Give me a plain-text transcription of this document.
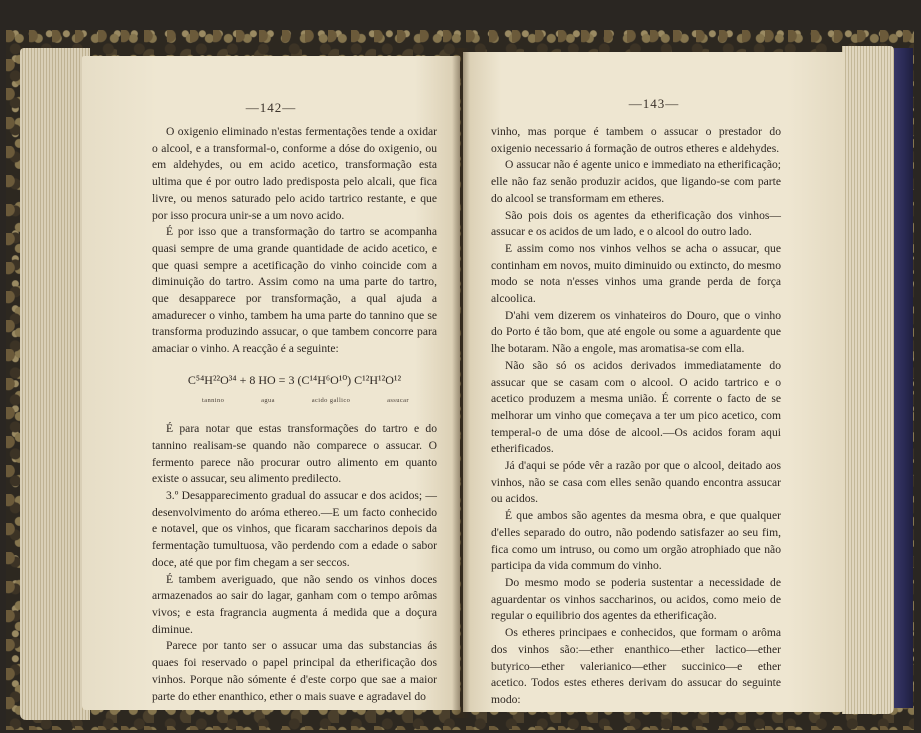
—142—

O oxigenio eliminado n'estas fermentações tende a oxidar o alcool, e a transformal-o, conforme a dóse do oxigenio, ou em aldehydes, ou em acido acetico, transformação esta ultima que é por outro lado predisposta pelo alcali, que fica livre, ou menos saturado pelo acido tartrico restante, e que por isso procura unir-se a um novo acido.

É por isso que a transformação do tartro se acompanha quasi sempre de uma grande quantidade de acido acetico, e que quasi sempre a acetificação do vinho coincide com a diminuição do tartro. Assim como na uma parte do tartro, que desapparece por transformação, a qual ajuda a amadurecer o vinho, tambem ha uma parte do tannino que se transforma produzindo assucar, o que tambem concorre para amaciar o vinho. A reacção é a seguinte:

C⁵⁴H²²O³⁴ + 8 HO = 3 (C¹⁴H⁶O¹⁰) C¹²H¹²O¹²
tannino	agua	acido gallico	assucar

É para notar que estas transformações do tartro e do tannino realisam-se quando não comparece o assucar. O fermento parece não procurar outro alimento em quanto existe o assucar, seu alimento predilecto.

3.º Desapparecimento gradual do assucar e dos acidos; —desenvolvimento do aróma ethereo.—E um facto conhecido e notavel, que os vinhos, que ficaram saccharinos depois da fermentação tumultuosa, vão perdendo com a edade o sabor doce, até que por fim chegam a ser seccos.

É tambem averiguado, que não sendo os vinhos doces armazenados ao sair do lagar, ganham com o tempo arômas vivos; e esta fragrancia augmenta á medida que a doçura diminue.

Parece por tanto ser o assucar uma das substancias ás quaes foi reservado o papel principal da etherificação dos vinhos. Porque não sómente é d'este corpo que sae a maior parte do ether enanthico, ether o mais suave e agradavel do

—143—

vinho, mas porque é tambem o assucar o prestador do oxigenio necessario á formação de outros etheres e aldehydes.

O assucar não é agente unico e immediato na etherificação; elle não faz senão produzir acidos, que ligando-se com parte do alcool se transformam em etheres.

São pois dois os agentes da etherificação dos vinhos—assucar e os acidos de um lado, e o alcool do outro lado.

E assim como nos vinhos velhos se acha o assucar, que continham em novos, muito diminuido ou extincto, do mesmo modo se nota n'esses vinhos uma grande perda de força alcoolica.

D'ahi vem dizerem os vinhateiros do Douro, que o vinho do Porto é tão bom, que até engole ou some a aguardente que lhe botaram. Não a engole, mas aromatisa-se com ella.

Não são só os acidos derivados immediatamente do assucar que se casam com o alcool. O acido tartrico e o acetico produzem a mesma união. É corrente o facto de se melhorar um vinho que começava a ter um pico acetico, com temperal-o de uma dóse de alcool.—Os acidos foram aqui etherificados.

Já d'aqui se póde vêr a razão por que o alcool, deitado aos vinhos, não se casa com elles senão quando encontra assucar ou acidos.

É que ambos são agentes da mesma obra, e que qualquer d'elles separado do outro, não podendo satisfazer ao seu fim, fica como um intruso, ou como um orgão atrophiado que não participa da vida commum do vinho.

Do mesmo modo se poderia sustentar a necessidade de aguardentar os vinhos saccharinos, ou acidos, como meio de regular o equilibrio dos agentes da etherificação.

Os etheres principaes e conhecidos, que formam o arôma dos vinhos são:—ether enanthico—ether lactico—ether butyrico—ether valerianico—ether succinico—e ether acetico. Todos estes etheres derivam do assucar do seguinte modo:
